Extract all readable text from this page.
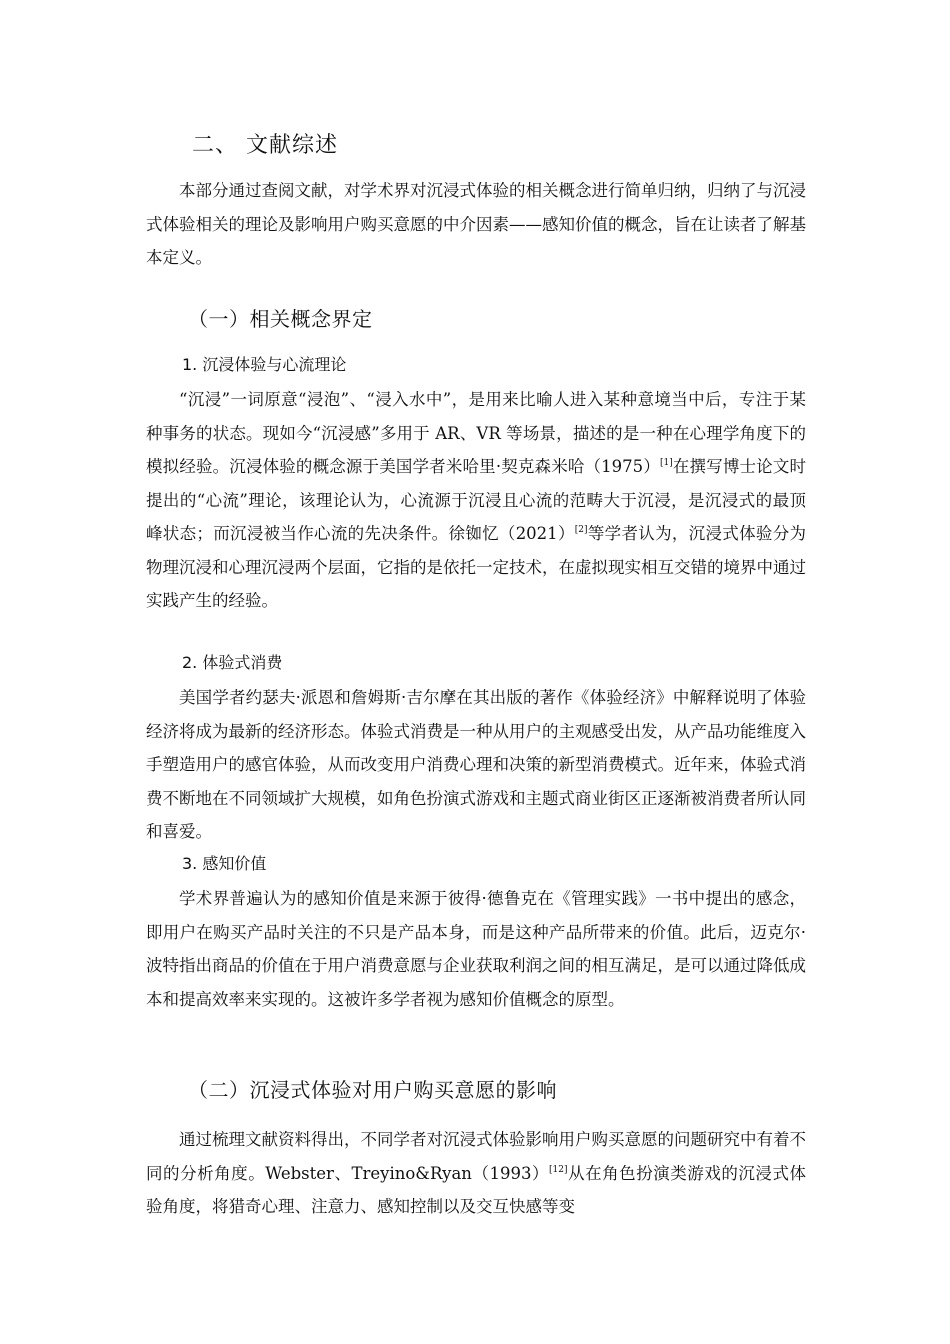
二、 文献综述

本部分通过查阅文献，对学术界对沉浸式体验的相关概念进行简单归纳，归纳了与沉浸式体验相关的理论及影响用户购买意愿的中介因素——感知价值的概念，旨在让读者了解基本定义。

（一）相关概念界定
1. 沉浸体验与心流理论

“沉浸”一词原意“浸泡”、“浸入水中”，是用来比喻人进入某种意境当中后，专注于某种事务的状态。现如今“沉浸感”多用于 AR、VR 等场景，描述的是一种在心理学角度下的模拟经验。沉浸体验的概念源于美国学者米哈里·契克森米哈（1975）[1]在撰写博士论文时提出的“心流”理论，该理论认为，心流源于沉浸且心流的范畴大于沉浸，是沉浸式的最顶峰状态；而沉浸被当作心流的先决条件。徐铷忆（2021）[2]等学者认为，沉浸式体验分为物理沉浸和心理沉浸两个层面，它指的是依托一定技术，在虚拟现实相互交错的境界中通过实践产生的经验。

2. 体验式消费

美国学者约瑟夫·派恩和詹姆斯·吉尔摩在其出版的著作《体验经济》中解释说明了体验经济将成为最新的经济形态。体验式消费是一种从用户的主观感受出发，从产品功能维度入手塑造用户的感官体验，从而改变用户消费心理和决策的新型消费模式。近年来，体验式消费不断地在不同领域扩大规模，如角色扮演式游戏和主题式商业街区正逐渐被消费者所认同和喜爱。

3. 感知价值

学术界普遍认为的感知价值是来源于彼得·德鲁克在《管理实践》一书中提出的感念，即用户在购买产品时关注的不只是产品本身，而是这种产品所带来的价值。此后，迈克尔·波特指出商品的价值在于用户消费意愿与企业获取利润之间的相互满足，是可以通过降低成本和提高效率来实现的。这被许多学者视为感知价值概念的原型。

（二）沉浸式体验对用户购买意愿的影响

通过梳理文献资料得出，不同学者对沉浸式体验影响用户购买意愿的问题研究中有着不同的分析角度。Webster、Treyino&Ryan（1993）[12]从在角色扮演类游戏的沉浸式体验角度，将猎奇心理、注意力、感知控制以及交互快感等变
